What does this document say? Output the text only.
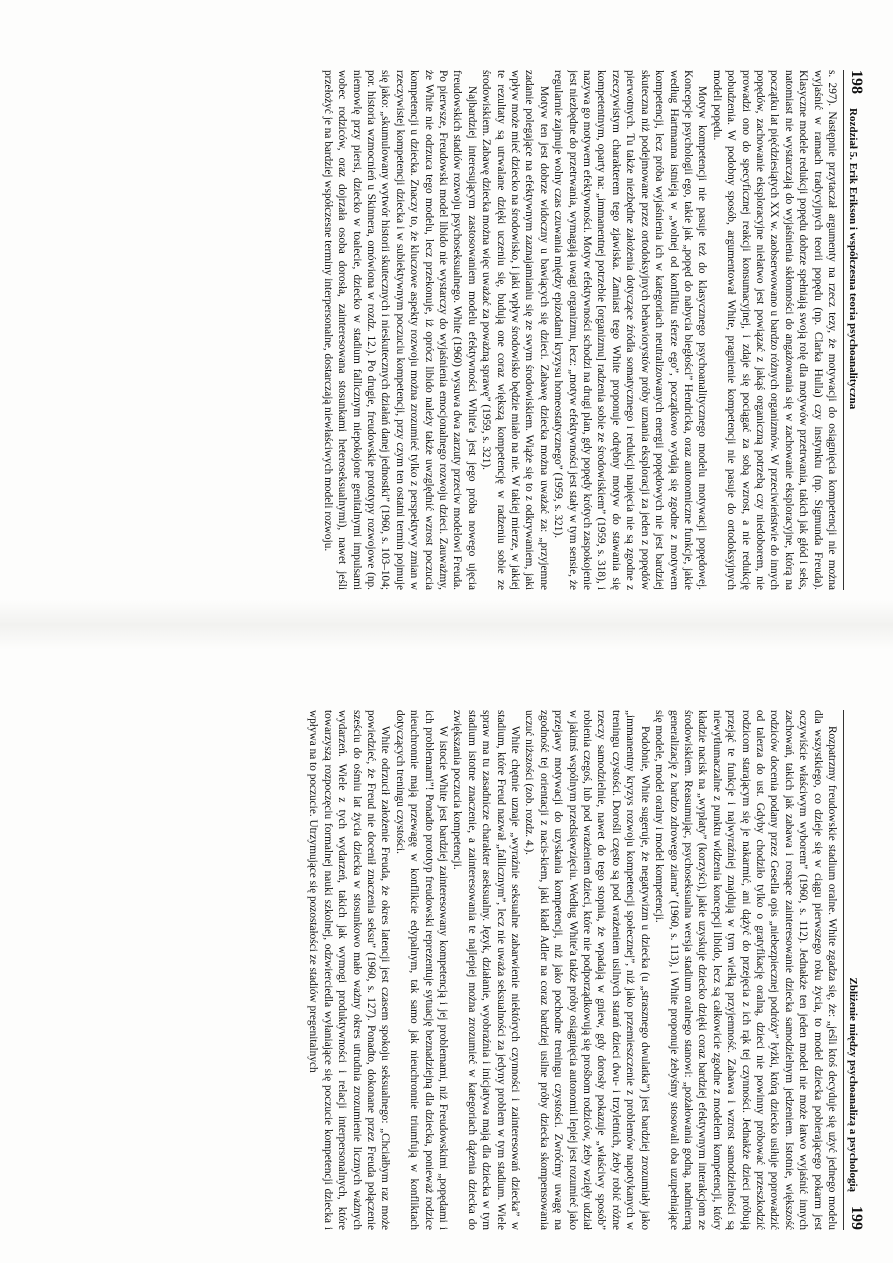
198
Rozdział 5. Erik Erikson i współczesna teoria psychoanalityczna

s. 297). Następnie przytaczał argumenty na rzecz tezy, że motywacji do osiągnięcia kompetencji nie można wyjaśnić w ramach tradycyjnych teorii popędu (np. Clarka Hulla) czy instynktu (np. Sigmunda Freuda). Klasyczne modele redukcji popędu dobrze spełniają swoją rolę dla motywów przetrwania, takich jak głód i seks, natomiast nie wystarczają do wyjaśnienia skłonności do angażowania się w zachowanie eksploracyjne, którą na początku lat pięćdziesiątych XX w. zaobserwowano u bardzo różnych organizmów. W przeciwieństwie do innych popędów, zachowanie eksploracyjne niełatwo jest powiązać z jakąś organiczną potrzebą czy niedoborem, nie prowadzi ono do specyficznej reakcji konsumacyjnej, i zdaje się pociągać za sobą wzrost, a nie redukcję pobudzenia. W podobny sposób, argumentował White, pragnienie kompetencji nie pasuje do ortodoksyjnych modeli popędu.

Motyw kompetencji nie pasuje też do klasycznego psychoanalitycznego modelu motywacji popędowej. Koncepcje psychologii ego, takie jak „popęd do nabycia biegłości” Hendricka, oraz autonomiczne funkcje, jakie według Hartmanna istnieją w „wolnej od konfliktu sferze ego”, początkowo wydają się zgodne z motywem kompetencji, lecz próba wyjaśnienia ich w kategoriach neutralizowanych energii popędowych nie jest bardziej skuteczna niż podejmowane przez ortodoksyjnych behawiorystów próby uznania eksploracji za jeden z popędów pierwotnych. Tu także niezbędne założenia dotyczące źródła somatycznego i redukcji napięcia nie są zgodne z rzeczywistym charakterem tego zjawiska. Zamiast tego White proponuje odrębny motyw do stawania się kompetentnym, oparty na: „immanentnej potrzebie [organizmu] radzenia sobie ze środowiskiem” (1959, s. 318), i nazywa go motywem efektywności. Motyw efektywności schodzi na drugi plan, gdy popędy krótych zaspokojenie jest niezbędne do przetrwania, wymagają uwagi organizmu, lecz: „motyw efektywności jest stały w tym sensie, że regularnie zajmuje wolny czas czuwania między epizodami kryzysu homeostatycznego” (1959, s. 321).

Motyw ten jest dobrze widoczny u bawiących się dzieci. Zabawę dziecka można uważać za: „przyjemne zadanie polegające na efektywnym zaznajamianiu się ze swym środowiskiem. Wiąże się to z odkrywaniem, jaki wpływ może mieć dziecko na środowisko, i jaki wpływ środowisko będzie miało na nie. W takiej mierze, w jakiej te rezultaty są utrwalane dzięki uczeniu się, budują one coraz większą kompetencję w radzeniu sobie ze środowiskiem. Zabawę dziecka można więc uważać za poważną sprawę” (1959, s. 321).

Najbardziej interesującym zastosowaniem modelu efektywności White'a jest jego próba nowego ujęcia freudowskich stadiów rozwoju psychoseksualnego. White (1960) wysuwa dwa zarzuty przeciw modelowi Freuda. Po pierwsze, Freudowski model libido nie wystarczy do wyjaśnienia emocjonalnego rozwoju dzieci. Zauważmy, że White nie odrzuca tego modelu, lecz przekonuje, iż oprócz libido należy także uwzględnić wzrost poczucia kompetencji u dziecka. Znaczy to, że kluczowe aspekty rozwoju można zrozumieć tylko z perspektywy zmian w rzeczywistej kompetencji dziecka i w subiektywnym poczuciu kompetencji, przy czym ten ostatni termin pojmuje się jako: „skumulowany wytwór historii skutecznych i nieskutecznych działań danej jednostki” (1960, s. 103–104; por. historia wzmocnień u Skinnera, omówiona w rozdz. 12.). Po drugie, freudowskie prototypy rozwojowe (np. niemowlę przy piersi, dziecko w toalecie, dziecko w stadium fallicznym niepokojone genitalnymi impulsami wobec rodziców, oraz dojrzała osoba dorosła, zainteresowana stosunkami heteroseksualnymi), nawet jeśli przełożyć je na bardziej współczesne terminy interpersonalne, dostarczają niewłaściwych modeli rozwoju.

Zbliżenie między psychoanalizą a psychologią
199

Rozpatrzmy freudowskie stadium oralne. White zgadza się, że: „jeśli ktoś decyduje się użyć jednego modelu dla wszystkiego, co dzieje się w ciągu pierwszego roku życia, to model dziecka pobierającego pokarm jest oczywiście właściwym wyborem” (1960, s. 112). Jednakże ten jeden model nie może łatwo wyjaśnić innych zachowań, takich jak zabawa i rosnące zainteresowanie dziecka samodzielnym jedzeniem. Istotnie, większość rodziców docenia podany przez Gesella opis „niebezpiecznej podróży” łyżki, którą dziecko usiłuje poprowadzić od talerza do ust. Gdyby chodziło tylko o gratyfikację oralną, dzieci nie powinny próbować przeszkodzić rodzicom starającym się je nakarmić, ani dążyć do przejęcia z ich rąk tej czynności. Jednakże dzieci próbują przejąć te funkcje i najwyraźniej znajdują w tym wielką przyjemność. Zabawa i wzrost samodzielności są niewytłumaczalne z punktu widzenia koncepcji libido, lecz są całkowicie zgodne z modelem kompetencji, który kładzie nacisk na „wypłaty” (korzyści), jakie uzyskuje dziecko dzięki coraz bardziej efektywnym interakcjom ze środowiskiem. Reasumując, psychoseksualna wersja stadium oralnego stanowi: „pożałowania godną, nadmierną generalizację z bardzo zdrowego ziarna” (1960, s. 113), i White proponuje żebyśmy stosowali oba uzupełniające się modele, model oralny i model kompetencji.

Podobnie, White sugeruje, że negatywizm u dziecka (u „strasznego dwulatka”) jest bardziej zrozumiały jako „immanentny kryzys rozwoju kompetencji społecznej”, niż jako przemieszczenie z problemów napotykanych w treningu czystości. Dorośli często są pod wrażeniem usilnych starań dzieci dwu- i trzyletnich, żeby robić różne rzeczy samodzielnie, nawet do tego stopnia, że wpadają w gniew, gdy dorosły pokazuje „właściwy sposób” robienia czegoś, lub pod wrażeniem dzieci, które nie podporządkowują się prośbom rodziców, żeby wzięły udział w jakimś wspólnym przedsięwzięciu. Według White'a także próby osiągnięcia autonomii lepiej jest rozumieć jako przejawy motywacji do uzyskania kompetencji, niż jako pochodne treningu czystości. Zwróćmy uwagę na zgodność tej orientacji z nacis-kiem, jaki kładł Adler na coraz bardziej usilne próby dziecka skompensowania uczuć niższości (zob. rozdz. 4.).

White chętnie uznaje „wyraźnie seksualne zabarwienie niektórych czynności i zainteresowań dziecka” w stadium, które Freud nazwał „fallicznym”, lecz nie uważa seksualności za jedyny problem w tym stadium. Wiele spraw ma tu zasadnicze charakter aseksualny. Język, działanie, wyobraźnia i inicjatywa mają dla dziecka w tym stadium istotne znaczenie, a zainteresowania te najlepiej można zrozumieć w kategoriach dążenia dziecka do zwiększania poczucia kompetencji.

W istocie White jest bardziej zainteresowany kompetencją i jej problemami, niż Freudowskimi „popędami i ich problemami”! Ponadto prototyp freudowski reprezentuje sytuację beznadziejną dla dziecka, ponieważ rodzice nieuchronnie mają przewagę w konflikcie edypalnym, tak samo jak nieuchronnie triumfują w konfliktach dotyczących treningu czystości.

White odrzucił założenie Freuda, że okres latencji jest czasem spokoju seksualnego: „Chciałbym raz może powiedzieć, że Freud nie docenił znaczenia seksu” (1960, s. 127). Ponadto, dokonane przez Freuda połączenie sześciu do ośmiu lat życia dziecka w stosunkowo mało ważny okres utrudnia zrozumienie licznych ważnych wydarzeń. Wiele z tych wydarzeń, takich jak wymogi produktywności i relacji interpersonalnych, które towarzyszą rozpoczęciu formalnej nauki szkolnej, odzwierciedla wyłaniające się poczucie kompetencji dziecka i wpływa na to poczucie. Utrzymujące się pozostałości ze stadiów pregenitalnych
